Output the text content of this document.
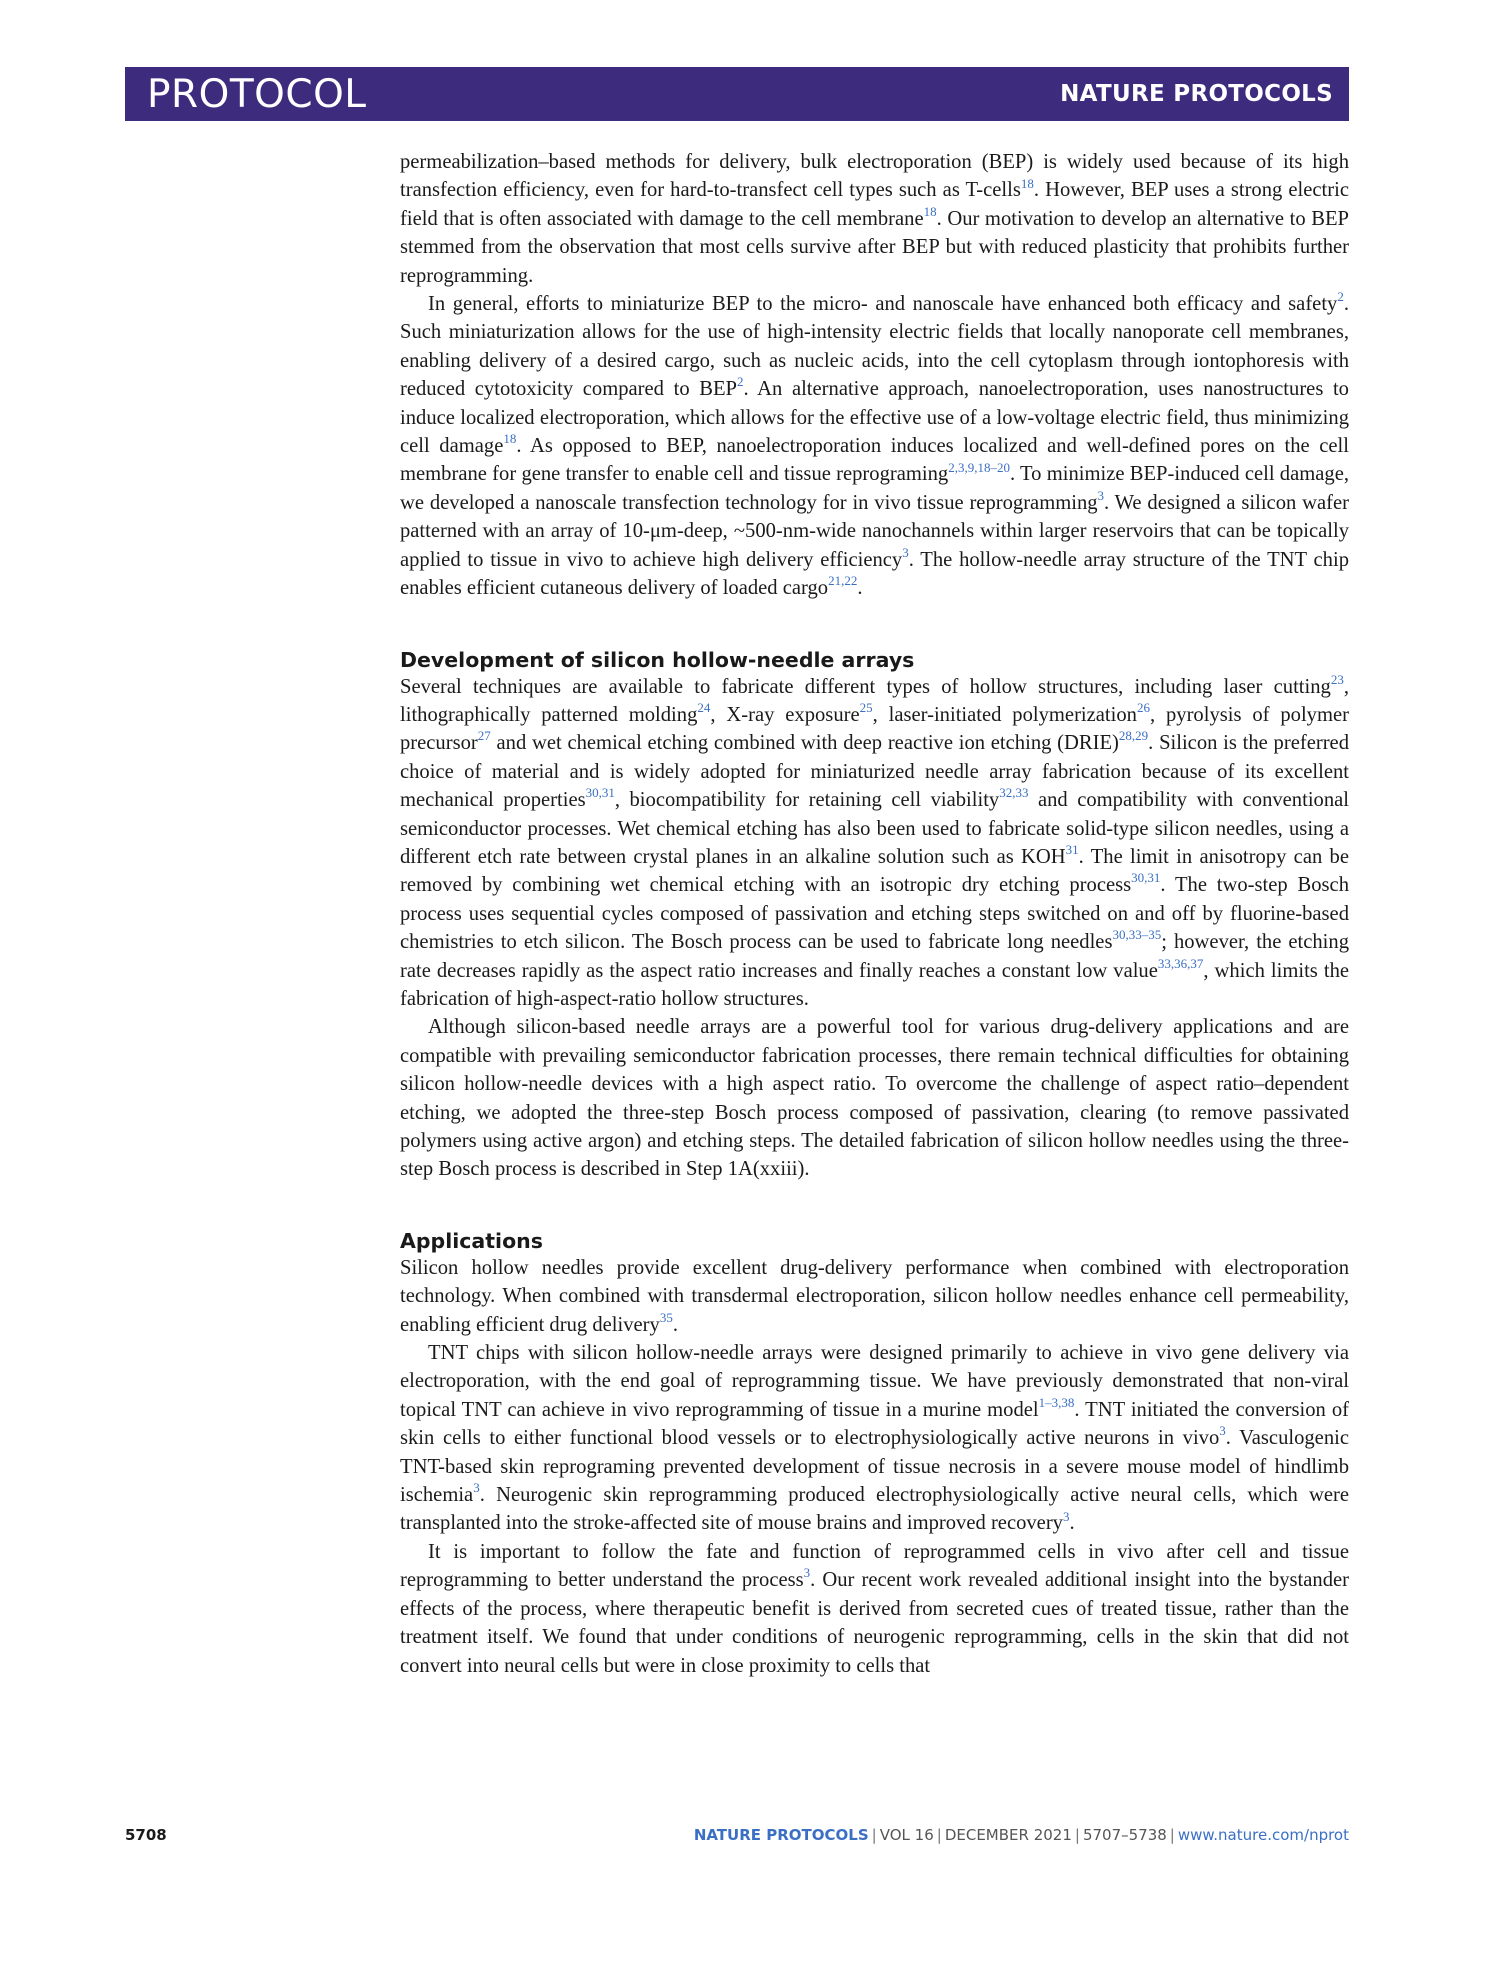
PROTOCOL	NATURE PROTOCOLS

permeabilization–based methods for delivery, bulk electroporation (BEP) is widely used because of its high transfection efficiency, even for hard-to-transfect cell types such as T-cells$^{18}$. However, BEP uses a strong electric field that is often associated with damage to the cell membrane$^{18}$. Our motivation to develop an alternative to BEP stemmed from the observation that most cells survive after BEP but with reduced plasticity that prohibits further reprogramming.

In general, efforts to miniaturize BEP to the micro- and nanoscale have enhanced both efficacy and safety$^2$. Such miniaturization allows for the use of high-intensity electric fields that locally nanoporate cell membranes, enabling delivery of a desired cargo, such as nucleic acids, into the cell cytoplasm through iontophoresis with reduced cytotoxicity compared to BEP$^2$. An alternative approach, nanoelectroporation, uses nanostructures to induce localized electroporation, which allows for the effective use of a low-voltage electric field, thus minimizing cell damage$^{18}$. As opposed to BEP, nanoelectroporation induces localized and well-defined pores on the cell membrane for gene transfer to enable cell and tissue reprograming$^{2,3,9,18-20}$. To minimize BEP-induced cell damage, we developed a nanoscale transfection technology for in vivo tissue reprogramming$^3$. We designed a silicon wafer patterned with an array of 10-μm-deep, ~500-nm-wide nanochannels within larger reservoirs that can be topically applied to tissue in vivo to achieve high delivery efficiency$^3$. The hollow-needle array structure of the TNT chip enables efficient cutaneous delivery of loaded cargo$^{21,22}$.

Development of silicon hollow-needle arrays

Several techniques are available to fabricate different types of hollow structures, including laser cutting$^{23}$, lithographically patterned molding$^{24}$, X-ray exposure$^{25}$, laser-initiated polymerization$^{26}$, pyrolysis of polymer precursor$^{27}$ and wet chemical etching combined with deep reactive ion etching (DRIE)$^{28,29}$. Silicon is the preferred choice of material and is widely adopted for miniaturized needle array fabrication because of its excellent mechanical properties$^{30,31}$, biocompatibility for retaining cell viability$^{32,33}$ and compatibility with conventional semiconductor processes. Wet chemical etching has also been used to fabricate solid-type silicon needles, using a different etch rate between crystal planes in an alkaline solution such as KOH$^{31}$. The limit in anisotropy can be removed by combining wet chemical etching with an isotropic dry etching process$^{30,31}$. The two-step Bosch process uses sequential cycles composed of passivation and etching steps switched on and off by fluorine-based chemistries to etch silicon. The Bosch process can be used to fabricate long needles$^{30,33-35}$; however, the etching rate decreases rapidly as the aspect ratio increases and finally reaches a constant low value$^{33,36,37}$, which limits the fabrication of high-aspect-ratio hollow structures.

Although silicon-based needle arrays are a powerful tool for various drug-delivery applications and are compatible with prevailing semiconductor fabrication processes, there remain technical difficulties for obtaining silicon hollow-needle devices with a high aspect ratio. To overcome the challenge of aspect ratio–dependent etching, we adopted the three-step Bosch process composed of passivation, clearing (to remove passivated polymers using active argon) and etching steps. The detailed fabrication of silicon hollow needles using the three-step Bosch process is described in Step 1A(xxiii).

Applications

Silicon hollow needles provide excellent drug-delivery performance when combined with electroporation technology. When combined with transdermal electroporation, silicon hollow needles enhance cell permeability, enabling efficient drug delivery$^{35}$.

TNT chips with silicon hollow-needle arrays were designed primarily to achieve in vivo gene delivery via electroporation, with the end goal of reprogramming tissue. We have previously demonstrated that non-viral topical TNT can achieve in vivo reprogramming of tissue in a murine model$^{1-3,38}$. TNT initiated the conversion of skin cells to either functional blood vessels or to electrophysiologically active neurons in vivo$^3$. Vasculogenic TNT-based skin reprograming prevented development of tissue necrosis in a severe mouse model of hindlimb ischemia$^3$. Neurogenic skin reprogramming produced electrophysiologically active neural cells, which were transplanted into the stroke-affected site of mouse brains and improved recovery$^3$.

It is important to follow the fate and function of reprogrammed cells in vivo after cell and tissue reprogramming to better understand the process$^3$. Our recent work revealed additional insight into the bystander effects of the process, where therapeutic benefit is derived from secreted cues of treated tissue, rather than the treatment itself. We found that under conditions of neurogenic reprogramming, cells in the skin that did not convert into neural cells but were in close proximity to cells that

5708	NATURE PROTOCOLS | VOL 16 | DECEMBER 2021 | 5707–5738 | www.nature.com/nprot
